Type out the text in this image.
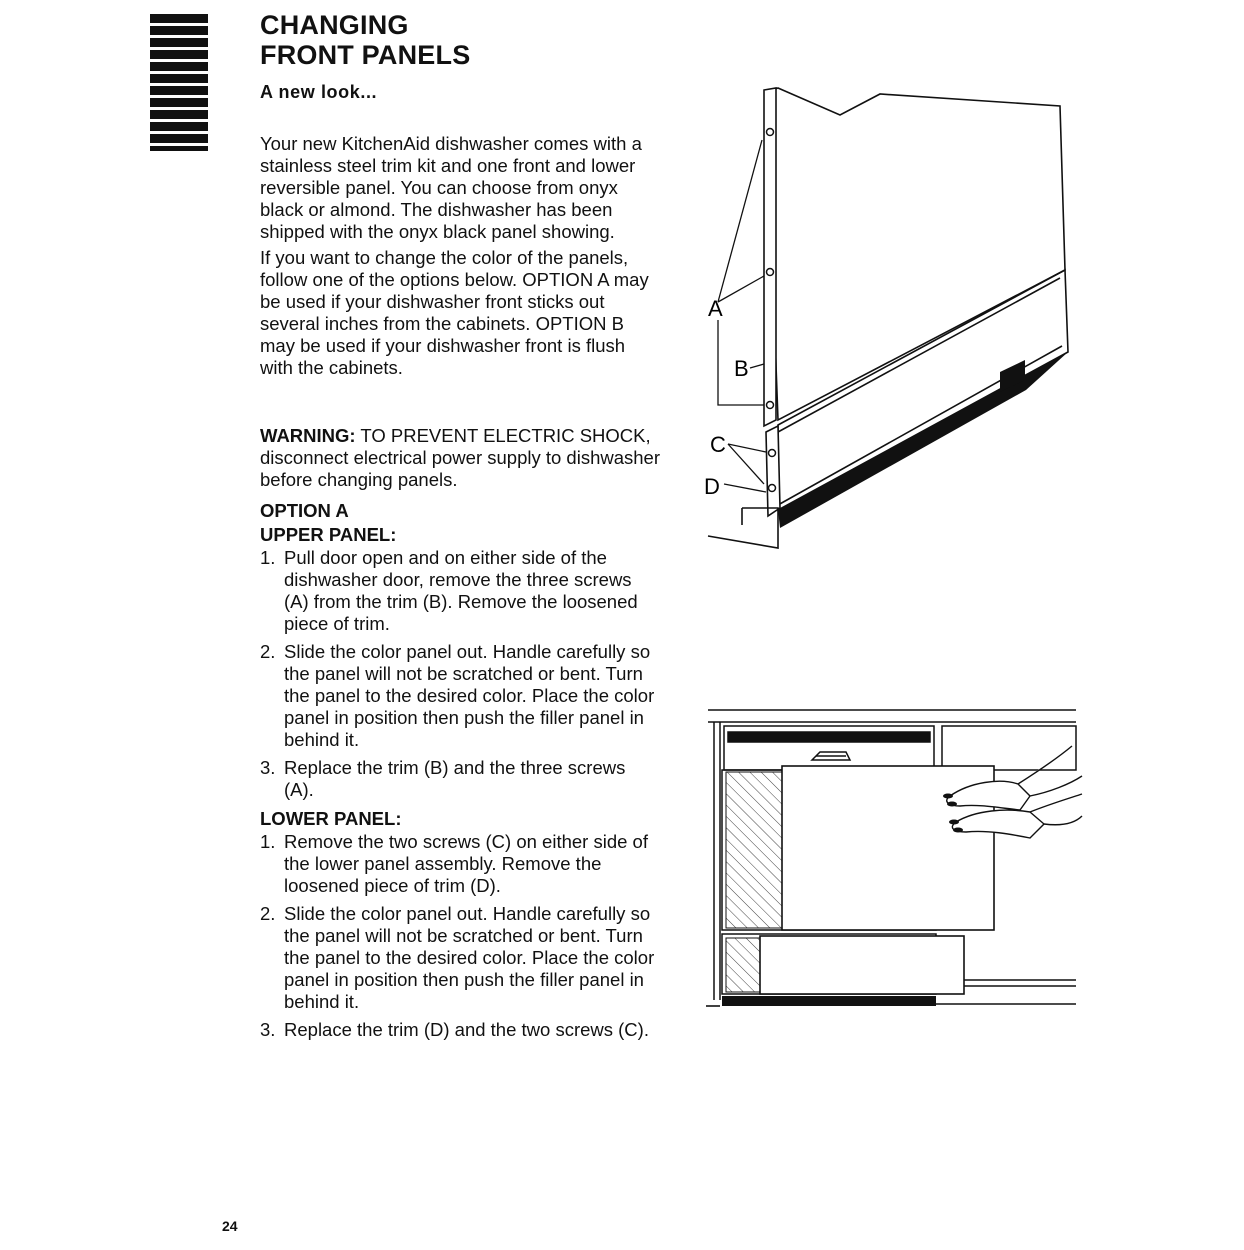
CHANGING
FRONT PANELS
A new look...

Your new KitchenAid dishwasher comes with a stainless steel trim kit and one front and lower reversible panel. You can choose from onyx black or almond. The dishwasher has been shipped with the onyx black panel showing.

If you want to change the color of the panels, follow one of the options below. OPTION A may be used if your dishwasher front sticks out several inches from the cabinets. OPTION B may be used if your dishwasher front is flush with the cabinets.

WARNING: TO PREVENT ELECTRIC SHOCK, disconnect electrical power supply to dishwasher before changing panels.
OPTION A
UPPER PANEL:
1. Pull door open and on either side of the dishwasher door, remove the three screws (A) from the trim (B). Remove the loosened piece of trim.
2. Slide the color panel out. Handle carefully so the panel will not be scratched or bent. Turn the panel to the desired color. Place the color panel in position then push the filler panel in behind it.
3. Replace the trim (B) and the three screws (A).
LOWER PANEL:
1. Remove the two screws (C) on either side of the lower panel assembly. Remove the loosened piece of trim (D).
2. Slide the color panel out. Handle carefully so the panel will not be scratched or bent. Turn the panel to the desired color. Place the color panel in position then push the filler panel in behind it.
3. Replace the trim (D) and the two screws (C).
A
B
C
D
24
